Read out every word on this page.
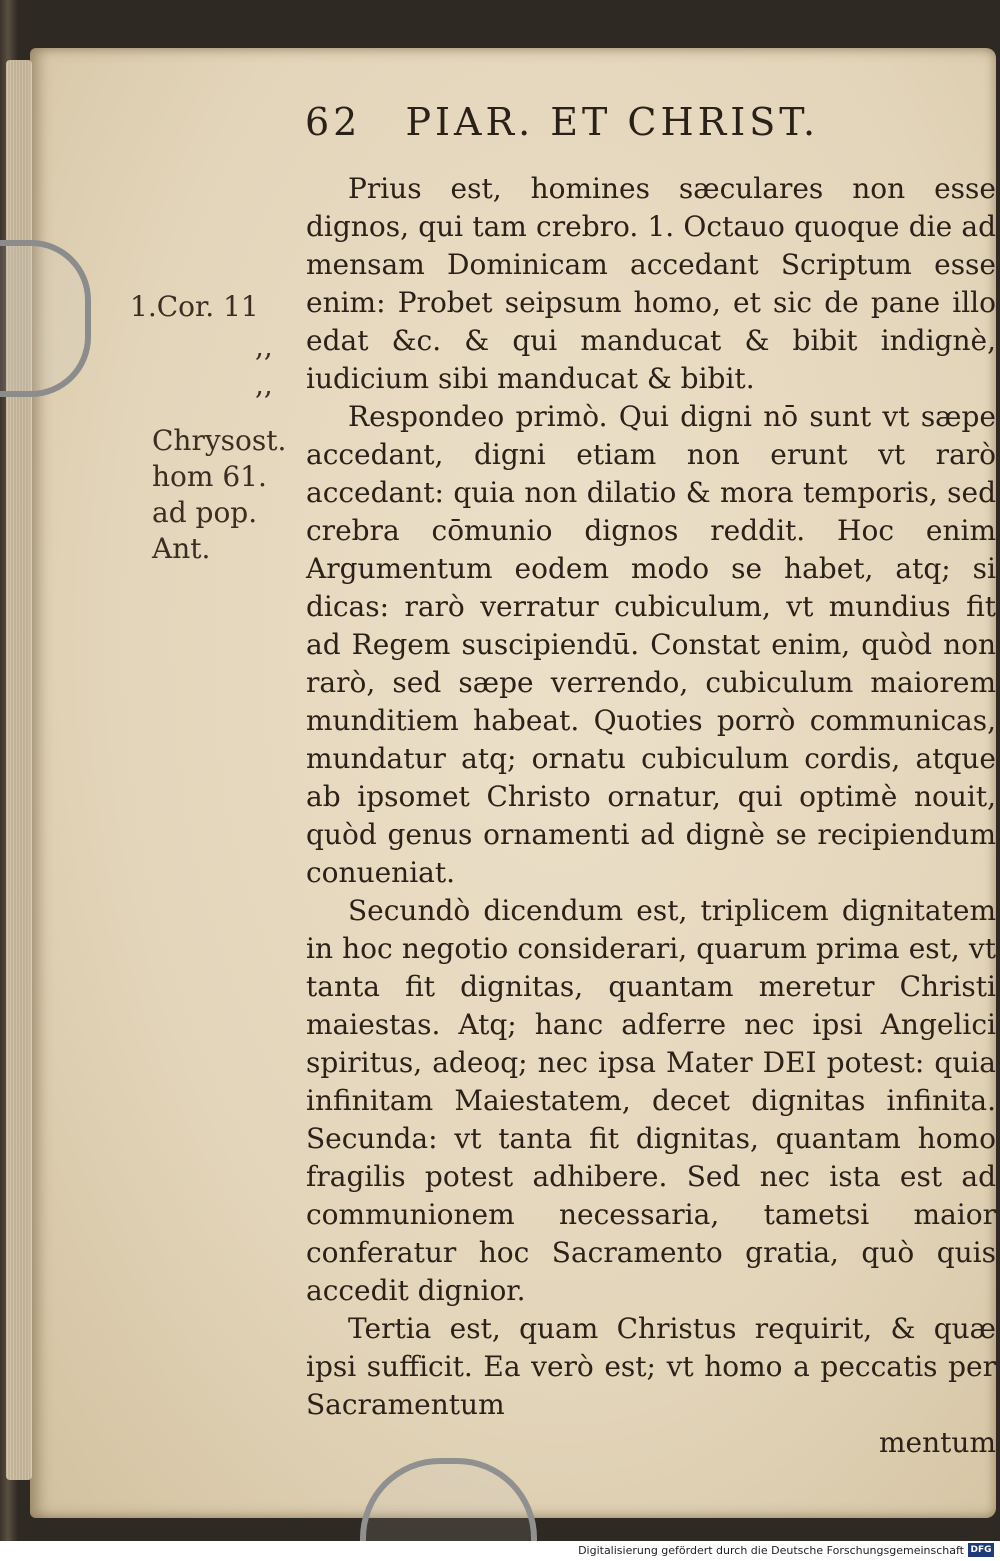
62 PIAR. ET CHRIST.
1.Cor. 11
,,
,,
Chrysost.
hom 61.
ad pop.
Ant.

Prius est, homines sæculares non esse dignos, qui tam crebro. 1. Octauo quoque die ad mensam Dominicam accedant Scriptum esse enim: Probet seipsum homo, et sic de pane illo edat &c. & qui manducat & bibit indignè, iudicium sibi manducat & bibit.

Respondeo primò. Qui digni nō sunt vt sæpe accedant, digni etiam non erunt vt rarò accedant: quia non dilatio & mora temporis, sed crebra cōmunio dignos reddit. Hoc enim Argumentum eodem modo se habet, atq; si dicas: rarò verratur cubiculum, vt mundius fit ad Regem suscipiendū. Constat enim, quòd non rarò, sed sæpe verrendo, cubiculum maiorem munditiem habeat. Quoties porrò communicas, mundatur atq; ornatu cubiculum cordis, atque ab ipsomet Christo ornatur, qui optimè nouit, quòd genus ornamenti ad dignè se recipiendum conueniat.

Secundò dicendum est, triplicem dignitatem in hoc negotio considerari, quarum prima est, vt tanta fit dignitas, quantam meretur Christi maiestas. Atq; hanc adferre nec ipsi Angelici spiritus, adeoq; nec ipsa Mater DEI potest: quia infinitam Maiestatem, decet dignitas infinita. Secunda: vt tanta fit dignitas, quantam homo fragilis potest adhibere. Sed nec ista est ad communionem necessaria, tametsi maior conferatur hoc Sacramento gratia, quò quis accedit dignior.

Tertia est, quam Christus requirit, & quæ ipsi sufficit. Ea verò est; vt homo a peccatis per Sacramentum

mentum

Digitalisierung gefördert durch die Deutsche Forschungsgemeinschaft DFG
